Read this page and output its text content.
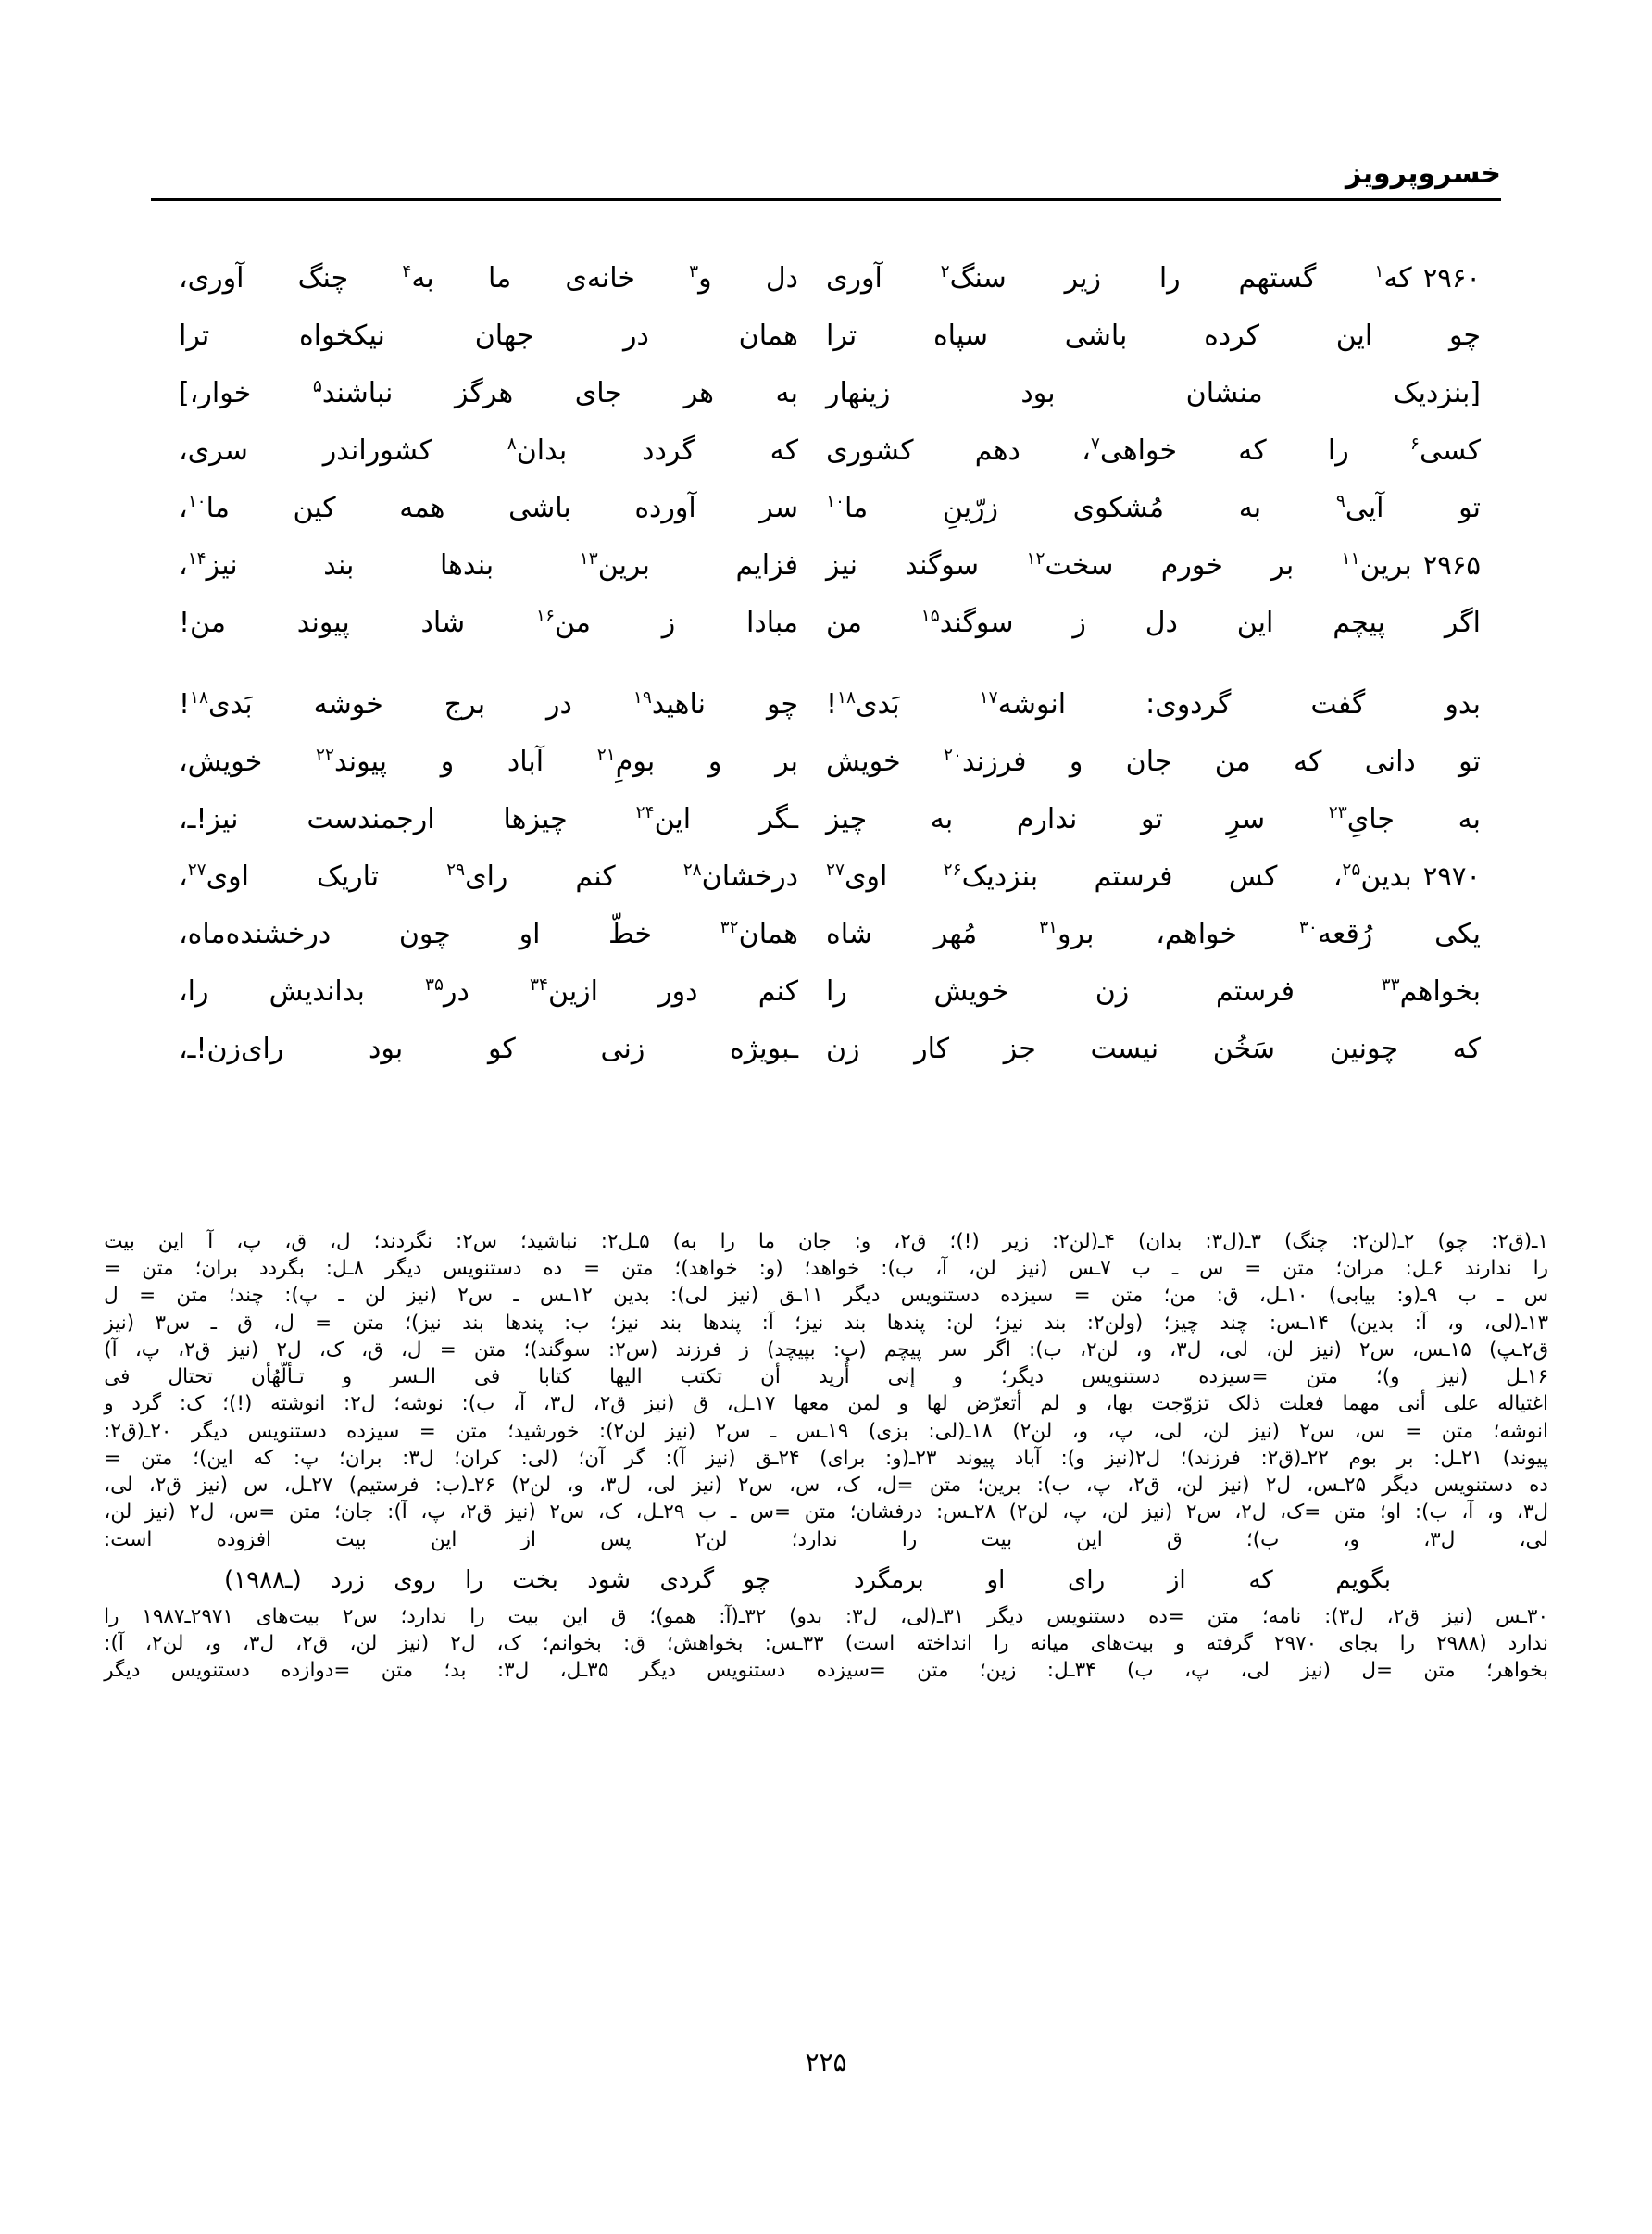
خسروپرویز
۲۹۶۰که$^۱$ گستهم را زیر سنگ$^۲$ آوری
دل و$^۳$ خانه‌ی ما به$^۴$ چنگ آوری،
چو این کرده باشی سپاه ترا
همان در جهان نیکخواه ترا
[بنزدیک منشان بود زینهار
به هر جای هرگز نباشند$^۵$ خوار،]
کسی$^۶$ را که خواهی$^۷$، دهم کشوری
که گردد بدان$^۸$ کشوراندر سری،
تو آیی$^۹$ به مُشکوی زرّینِ ما$^{۱۰}$
سر آورده باشی همه کین ما$^{۱۰}$،
۲۹۶۵برین$^{۱۱}$ بر خورم سخت$^{۱۲}$ سوگند نیز
فزایم برین$^{۱۳}$ بندها بند نیز$^{۱۴}$،
اگر پیچم این دل ز سوگند$^{۱۵}$ من
مبادا ز من$^{۱۶}$ شاد پیوند من!
بدو گفت گردوی: انوشه$^{۱۷}$ بَدی$^{۱۸}$!
چو ناهید$^{۱۹}$ در برج خوشه بَدی$^{۱۸}$!
تو دانی که من جان و فرزند$^{۲۰}$ خویش
بر و بومِ$^{۲۱}$ آباد و پیوند$^{۲۲}$ خویش،
به جایِ$^{۲۳}$ سرِ تو ندارم به چیز
ـگر این$^{۲۴}$ چیزها ارجمندست نیز!ـ،
۲۹۷۰بدین$^{۲۵}$، کس فرستم بنزدیک$^{۲۶}$ اوی$^{۲۷}$
درخشان$^{۲۸}$ کنم رای$^{۲۹}$ تاریک اوی$^{۲۷}$،
یکی رُقعه$^{۳۰}$ خواهم، برو$^{۳۱}$ مُهر شاه
همان$^{۳۲}$ خطّ او چون درخشنده‌ماه،
بخواهم$^{۳۳}$ فرستم زن خویش را
کنم دور ازین$^{۳۴}$ در$^{۳۵}$ بداندیش را،
که چونین سَخُن نیست جز کار زن
ـبویژه زنی کو بود رای‌زن!ـ،
۱ـ(ق۲:
چو)
۲ـ(لن۲:
چنگ)
۳ـ(ل۳:
بدان)
۴ـ(لن۲:
زیر
(!)؛
ق۲،
و:
جان
ما
را
به)
۵ـل۲:
نباشید؛
س۲:
نگردند؛
ل،
ق،
پ،
آ
این
بیت
را
ندارند
۶ـل:
مران؛
متن
=
س
ـ
ب
۷ـس
(نیز
لن،
آ،
ب):
خواهد؛
(و:
خواهد)؛
متن
=
ده
دستنویس
دیگر
۸ـل:
بگردد
بران؛
متن
=
س
ـ
ب
۹ـ(و:
بیابی)
۱۰ـل،
ق:
من؛
متن
=
سیزده
دستنویس
دیگر
۱۱ـق
(نیز
لی):
بدین
۱۲ـس
ـ
س۲
(نیز
لن
ـ
پ):
چند؛
متن
=
ل
۱۳ـ(لی،
و،
آ:
بدین)
۱۴ـس:
چند
چیز؛
(ولن۲:
بند
نیز؛
لن:
پندها
بند
نیز؛
آ:
پندها
بند
نیز؛
ب:
پندها
بند
نیز)؛
متن
=
ل،
ق
ـ
س۳
(نیز
ق۲ـپ)
۱۵ـس،
س۲
(نیز
لن،
لی،
ل۳،
و،
لن۲،
ب):
اگر
سر
پیچم
(ب:
بپیچد)
ز
فرزند
(س۲:
سوگند)؛
متن
=
ل،
ق،
ک،
ل۲
(نیز
ق۲،
پ،
آ)
۱۶ـل
(نیز
و)؛
متن
=سیزده
دستنویس
دیگر؛
و
إنی
أُرید
أن
تکتب
الیها
کتابا
فی
الـسر
و
تـألّهُأن
تحتال
فی
اغتیاله
علی
أنی
مهما
فعلت
ذلک
تزوّجت
بها،
و
لم
أتعرّض
لها
و
لمن
معها
۱۷ـل،
ق
(نیز
ق۲،
ل۳،
آ،
ب):
نوشه؛
ل۲:
انوشته
(!)؛
ک:
گرد
و
انوشه؛
متن
=
س،
س۲
(نیز
لن،
لی،
پ،
و،
لن۲)
۱۸ـ(لی:
بزی)
۱۹ـس
ـ
س۲
(نیز
لن۲):
خورشید؛
متن
=
سیزده
دستنویس
دیگر
۲۰ـ(ق۲:
پیوند)
۲۱ـل:
بر
بوم
۲۲ـ(ق۲:
فرزند)؛
ل۲(نیز
و):
آباد
پیوند
۲۳ـ(و:
برای)
۲۴ـق
(نیز
آ):
گر
آن؛
(لی:
کران؛
ل۳:
بران؛
پ:
که
این)؛
متن
=
ده
دستنویس
دیگر
۲۵ـس،
ل۲
(نیز
لن،
ق۲،
پ،
ب):
برین؛
متن
=ل،
ک،
س،
س۲
(نیز
لی،
ل۳،
و،
لن۲)
۲۶ـ(ب:
فرستیم)
۲۷ـل،
س
(نیز
ق۲،
لی،
ل۳،
و،
آ،
ب):
او؛
متن
=ک،
ل۲،
س۲
(نیز
لن،
پ،
لن۲)
۲۸ـس:
درفشان؛
متن
=س
ـ
ب
۲۹ـل،
ک،
س۲
(نیز
ق۲،
پ،
آ):
جان؛
متن
=س،
ل۲
(نیز
لن،
لی،
ل۳،
و،
ب)؛
ق
این
بیت
را
ندارد؛
لن۲
پس
از
این
بیت
افزوده
است:
بگویم که از رای او برمگرد
چو گردی شود بخت را روی زرد (ـ۱۹۸۸)
۳۰ـس
(نیز
ق۲،
ل۳):
نامه؛
متن
=ده
دستنویس
دیگر
۳۱ـ(لی،
ل۳:
بدو)
۳۲ـ(آ:
همو)؛
ق
این
بیت
را
ندارد؛
س۲
بیت‌های
۲۹۷۱ـ۱۹۸۷
را
ندارد
(۲۹۸۸
را
بجای
۲۹۷۰
گرفته
و
بیت‌های
میانه
را
انداخته
است)
۳۳ـس:
بخواهش؛
ق:
بخوانم؛
ک،
ل۲
(نیز
لن،
ق۲،
ل۳،
و،
لن۲،
آ):
بخواهر؛
متن
=ل
(نیز
لی،
پ،
ب)
۳۴ـل:
زین؛
متن
=سیزده
دستنویس
دیگر
۳۵ـل،
ل۳:
بد؛
متن
=دوازده
دستنویس
دیگر
۲۲۵
